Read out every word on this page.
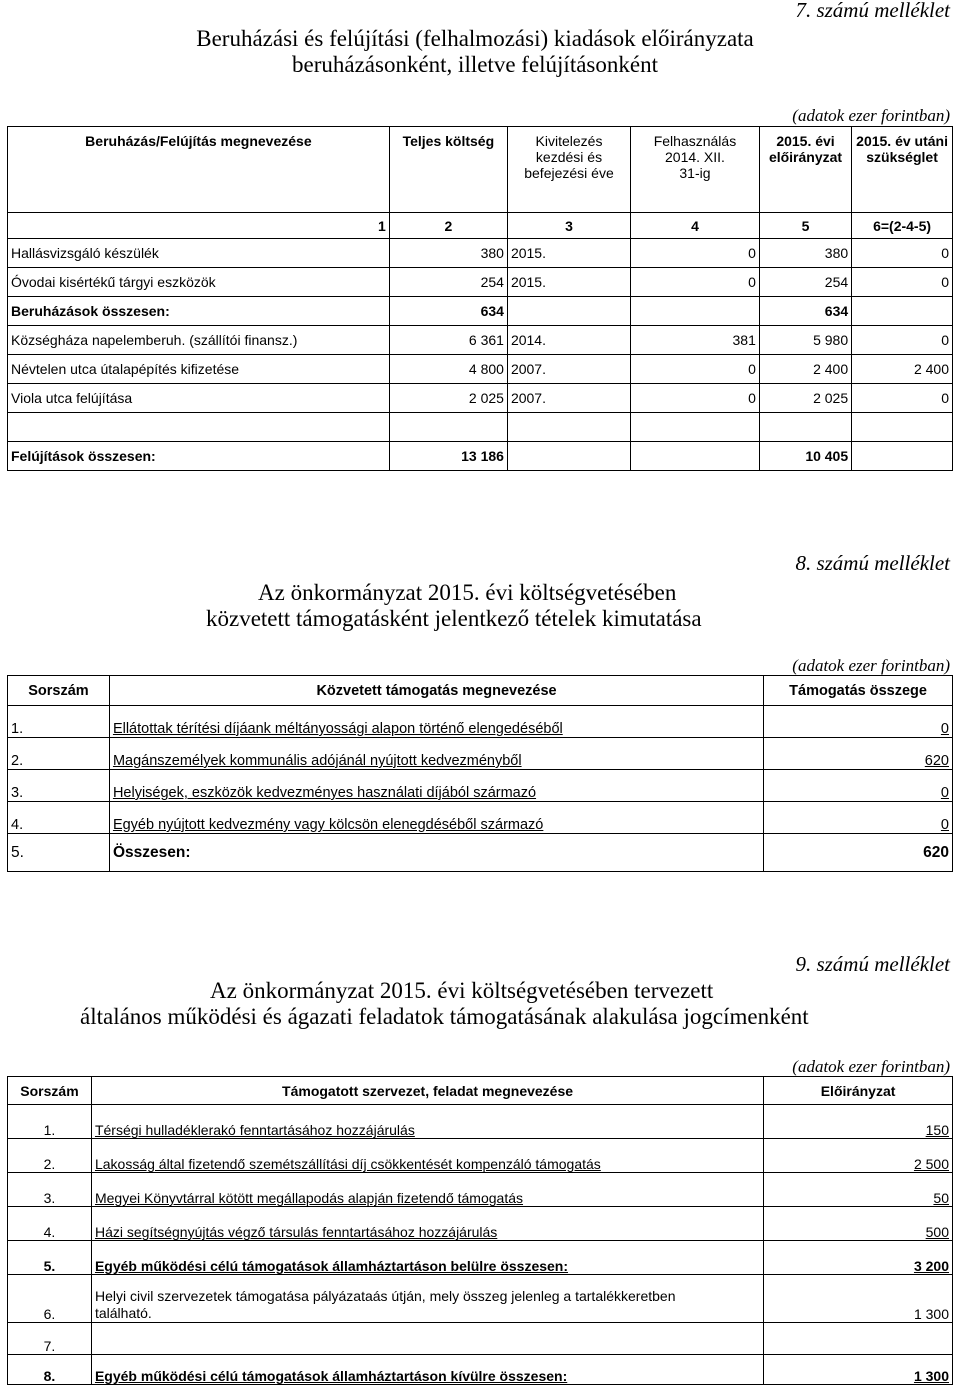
7. számú melléklet
Beruházási és felújítási (felhalmozási) kiadások előirányzata
beruházásonként, illetve felújításonként
(adatok ezer forintban)
Beruházás/Felújítás megnevezése	Teljes költség	Kivitelezés kezdési és befejezési éve	Felhasználás 2014. XII. 31-ig	2015. évi előirányzat	2015. év utáni szükséglet
1	2	3	4	5	6=(2-4-5)
Hallásvizsgáló készülék	380	2015.	0	380	0
Óvodai kisértékű tárgyi eszközök	254	2015.	0	254	0
Beruházások összesen:	634			634	
Községháza napelemberuh. (szállítói finansz.)	6 361	2014.	381	5 980	0
Névtelen utca útalapépítés kifizetése	4 800	2007.	0	2 400	2 400
Viola utca felújítása	2 025	2007.	0	2 025	0

Felújítások összesen:	13 186			10 405	
8. számú melléklet
Az önkormányzat 2015. évi költségvetésében
közvetett támogatásként jelentkező tételek kimutatása
(adatok ezer forintban)
Sorszám	Közvetett támogatás megnevezése	Támogatás összege
1.	Ellátottak térítési díjáank méltányossági alapon történő elengedéséből	0
2.	Magánszemélyek kommunális adójánál nyújtott kedvezményből	620
3.	Helyiségek, eszközök kedvezményes használati díjából származó	0
4.	Egyéb nyújtott kedvezmény vagy kölcsön elenegdéséből származó	0
5.	Összesen:	620
9. számú melléklet
Az önkormányzat 2015. évi költségvetésében tervezett
általános működési és ágazati feladatok támogatásának alakulása jogcímenként
(adatok ezer forintban)
Sorszám	Támogatott szervezet, feladat megnevezése	Előirányzat
1.	Térségi hulladéklerakó fenntartásához hozzájárulás	150
2.	Lakosság által fizetendő szemétszállítási díj csökkentését kompenzáló támogatás	2 500
3.	Megyei Könyvtárral kötött megállapodás alapján fizetendő támogatás	50
4.	Házi segítségnyújtás végző társulás fenntartásához hozzájárulás	500
5.	Egyéb működési célú támogatások államháztartáson belülre összesen:	3 200
6.	Helyi civil szervezetek támogatása pályázataás útján, mely összeg jelenleg a tartalékkeretben
található.	1 300
7.		
8.	Egyéb működési célú támogatások államháztartáson kívülre összesen:	1 300
